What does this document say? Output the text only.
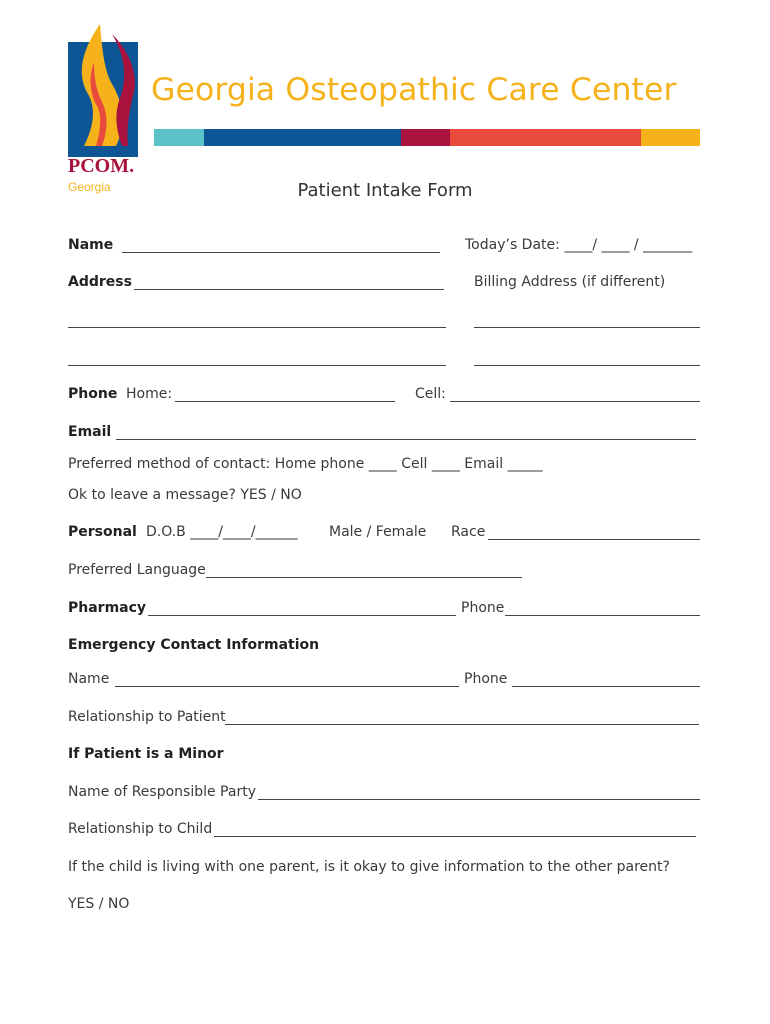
PCOM.
Georgia
Georgia Osteopathic Care Center
Patient Intake Form
Name	Today’s Date: ____/ ____ / _______
Address	Billing Address (if different)
Phone Home:	Cell:
Email
Preferred method of contact: Home phone ____ Cell ____ Email _____
Ok to leave a message? YES / NO
Personal D.O.B ____/____/______ Male / Female Race
Preferred Language
Pharmacy	Phone
Emergency Contact Information
Name	Phone
Relationship to Patient
If Patient is a Minor
Name of Responsible Party
Relationship to Child
If the child is living with one parent, is it okay to give information to the other parent?
YES / NO
